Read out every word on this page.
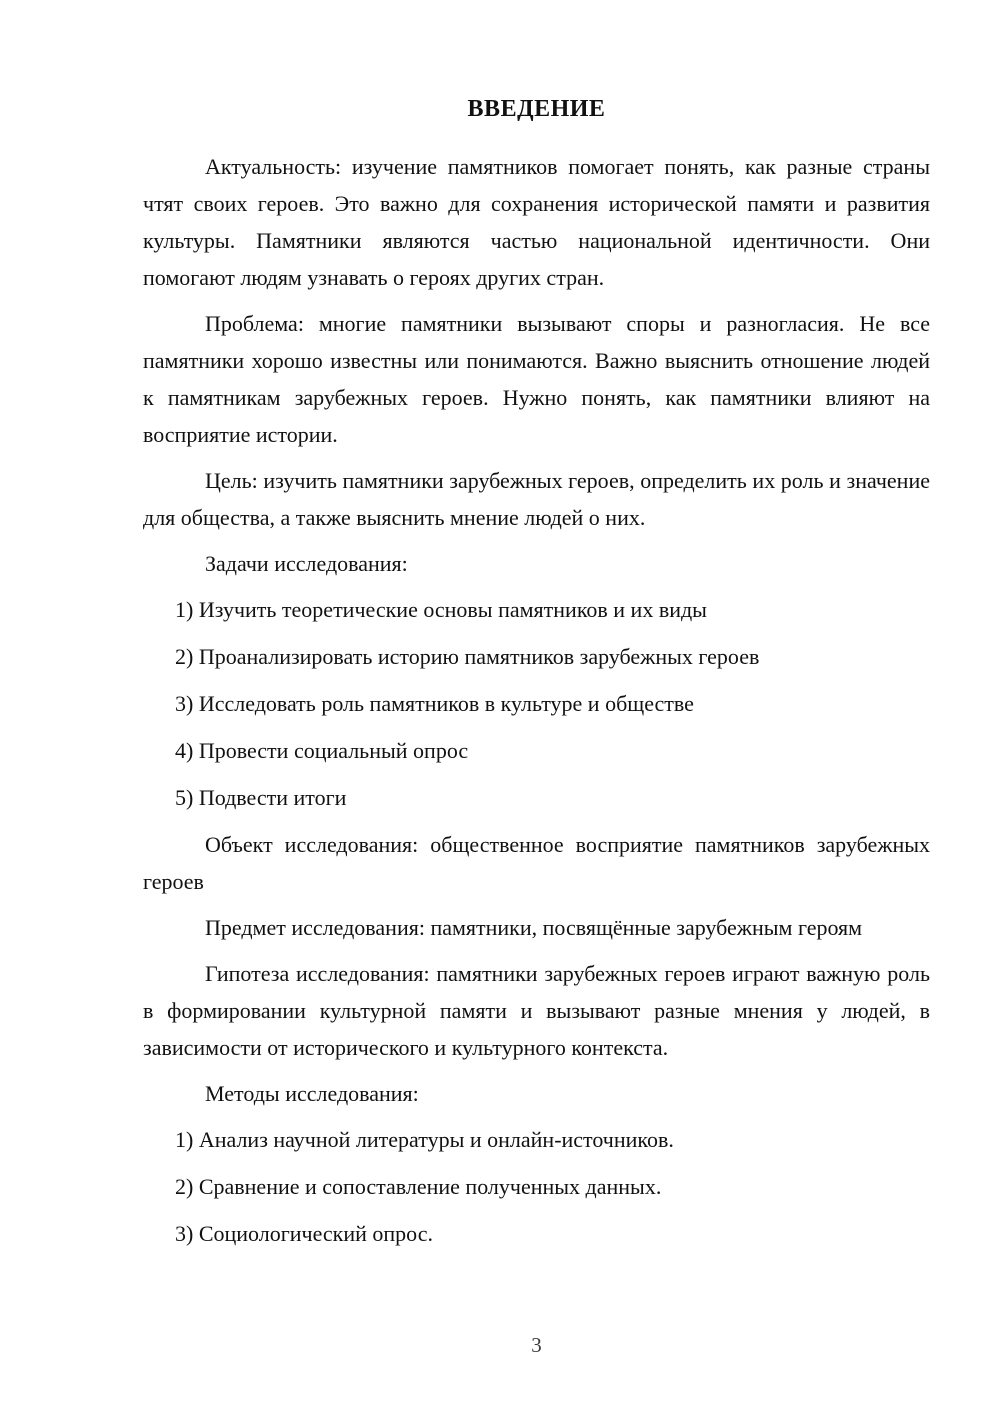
ВВЕДЕНИЕ

Актуальность: изучение памятников помогает понять, как разные страны чтят своих героев. Это важно для сохранения исторической памяти и развития культуры. Памятники являются частью национальной идентичности. Они помогают людям узнавать о героях других стран.

Проблема: многие памятники вызывают споры и разногласия. Не все памятники хорошо известны или понимаются. Важно выяснить отношение людей к памятникам зарубежных героев. Нужно понять, как памятники влияют на восприятие истории.

Цель: изучить памятники зарубежных героев, определить их роль и значение для общества, а также выяснить мнение людей о них.

Задачи исследования:

1) Изучить теоретические основы памятников и их виды

2) Проанализировать историю памятников зарубежных героев

3) Исследовать роль памятников в культуре и обществе

4) Провести социальный опрос

5) Подвести итоги

Объект исследования: общественное восприятие памятников зарубежных героев

Предмет исследования: памятники, посвящённые зарубежным героям

Гипотеза исследования: памятники зарубежных героев играют важную роль в формировании культурной памяти и вызывают разные мнения у людей, в зависимости от исторического и культурного контекста.

Методы исследования:

1) Анализ научной литературы и онлайн-источников.

2) Сравнение и сопоставление полученных данных.

3) Социологический опрос.

3
